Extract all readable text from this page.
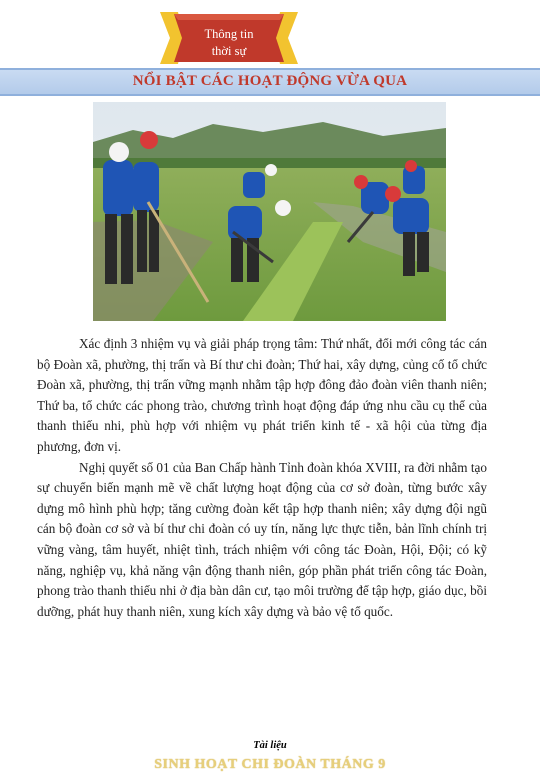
Thông tin
thời sự
NỔI BẬT CÁC HOẠT ĐỘNG VỪA QUA

Xác định 3 nhiệm vụ và giải pháp trọng tâm: Thứ nhất, đổi mới công tác cán bộ Đoàn xã, phường, thị trấn và Bí thư chi đoàn; Thứ hai, xây dựng, củng cố tổ chức Đoàn xã, phường, thị trấn vững mạnh nhằm tập hợp đông đảo đoàn viên thanh niên; Thứ ba, tổ chức các phong trào, chương trình hoạt động đáp ứng nhu cầu cụ thể của thanh thiếu nhi, phù hợp với nhiệm vụ phát triển kinh tế - xã hội của từng địa phương, đơn vị.

Nghị quyết số 01 của Ban Chấp hành Tỉnh đoàn khóa XVIII, ra đời nhằm tạo sự chuyển biến mạnh mẽ về chất lượng hoạt động của cơ sở đoàn, từng bước xây dựng mô hình phù hợp; tăng cường đoàn kết tập hợp thanh niên; xây dựng đội ngũ cán bộ đoàn cơ sở và bí thư chi đoàn có uy tín, năng lực thực tiễn, bản lĩnh chính trị vững vàng, tâm huyết, nhiệt tình, trách nhiệm với công tác Đoàn, Hội, Đội; có kỹ năng, nghiệp vụ, khả năng vận động thanh niên, góp phần phát triển công tác Đoàn, phong trào thanh thiếu nhi ở địa bàn dân cư, tạo môi trường để tập hợp, giáo dục, bồi dưỡng, phát huy thanh niên, xung kích xây dựng và bảo vệ tổ quốc.

Tài liệu
SINH HOẠT CHI ĐOÀN THÁNG 9
